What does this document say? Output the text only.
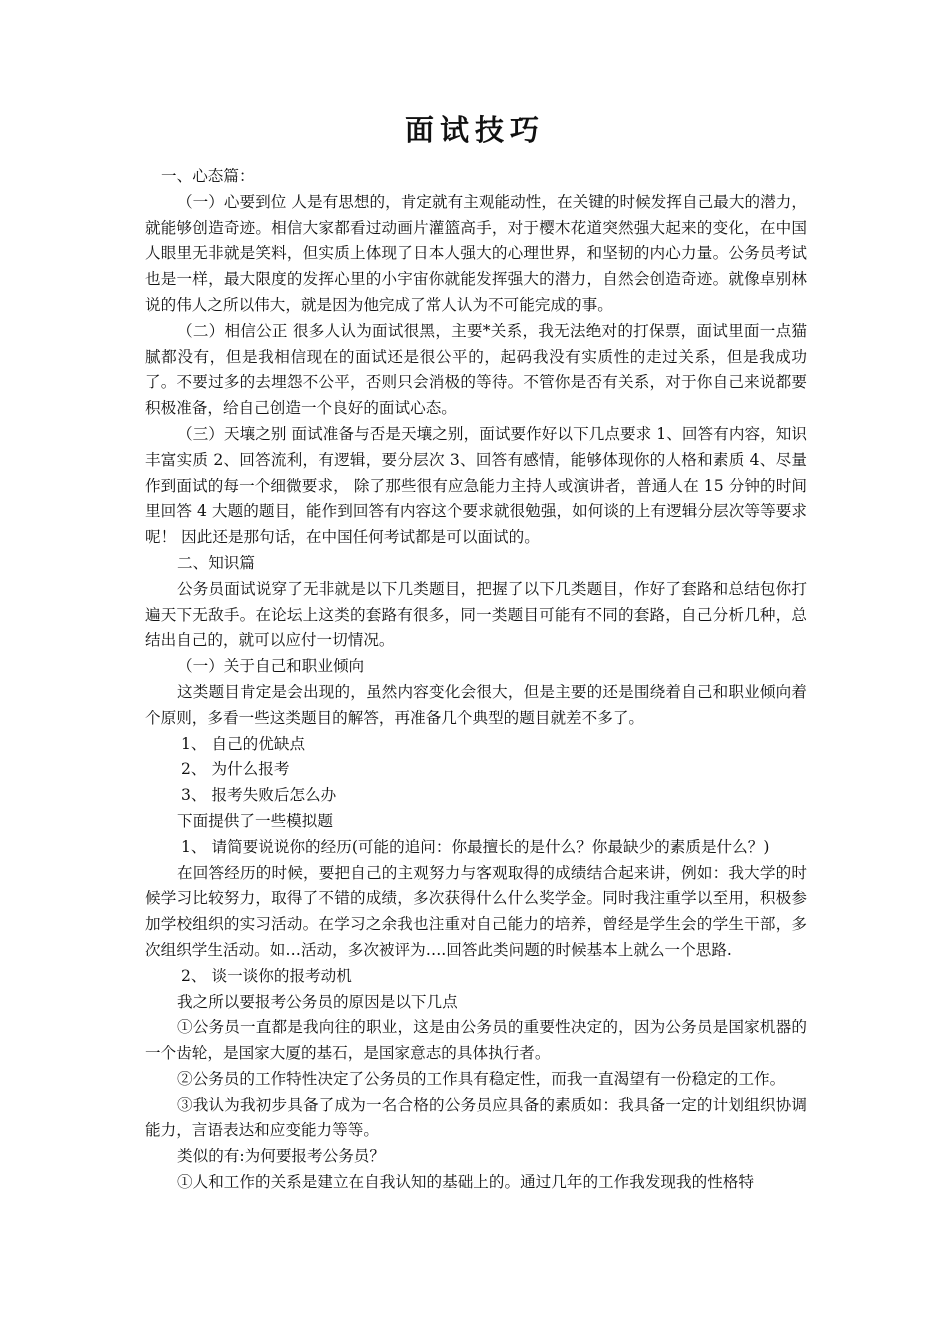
面试技巧

一、心态篇：

（一）心要到位 人是有思想的，肯定就有主观能动性，在关键的时候发挥自己最大的潜力，就能够创造奇迹。相信大家都看过动画片灌篮高手，对于樱木花道突然强大起来的变化，在中国人眼里无非就是笑料，但实质上体现了日本人强大的心理世界，和坚韧的内心力量。公务员考试也是一样，最大限度的发挥心里的小宇宙你就能发挥强大的潜力，自然会创造奇迹。就像卓别林说的伟人之所以伟大，就是因为他完成了常人认为不可能完成的事。

（二）相信公正 很多人认为面试很黑，主要*关系，我无法绝对的打保票，面试里面一点猫腻都没有，但是我相信现在的面试还是很公平的，起码我没有实质性的走过关系，但是我成功了。不要过多的去埋怨不公平，否则只会消极的等待。不管你是否有关系，对于你自己来说都要积极准备，给自己创造一个良好的面试心态。

（三）天壤之别 面试准备与否是天壤之别，面试要作好以下几点要求 1、回答有内容，知识丰富实质 2、回答流利，有逻辑，要分层次 3、回答有感情，能够体现你的人格和素质 4、尽量作到面试的每一个细微要求， 除了那些很有应急能力主持人或演讲者，普通人在 15 分钟的时间里回答 4 大题的题目，能作到回答有内容这个要求就很勉强，如何谈的上有逻辑分层次等等要求呢！ 因此还是那句话，在中国任何考试都是可以面试的。

二、知识篇

公务员面试说穿了无非就是以下几类题目，把握了以下几类题目，作好了套路和总结包你打遍天下无敌手。在论坛上这类的套路有很多，同一类题目可能有不同的套路，自己分析几种，总结出自己的，就可以应付一切情况。

（一）关于自己和职业倾向

这类题目肯定是会出现的，虽然内容变化会很大，但是主要的还是围绕着自己和职业倾向着个原则，多看一些这类题目的解答，再准备几个典型的题目就差不多了。

1、 自己的优缺点

2、 为什么报考

3、 报考失败后怎么办

下面提供了一些模拟题

1、 请简要说说你的经历(可能的追问：你最擅长的是什么？你最缺少的素质是什么？)

在回答经历的时候，要把自己的主观努力与客观取得的成绩结合起来讲，例如：我大学的时候学习比较努力，取得了不错的成绩，多次获得什么什么奖学金。同时我注重学以至用，积极参加学校组织的实习活动。在学习之余我也注重对自己能力的培养，曾经是学生会的学生干部，多次组织学生活动。如…活动，多次被评为….回答此类问题的时候基本上就么一个思路.

2、 谈一谈你的报考动机

我之所以要报考公务员的原因是以下几点

①公务员一直都是我向往的职业，这是由公务员的重要性决定的，因为公务员是国家机器的一个齿轮，是国家大厦的基石，是国家意志的具体执行者。

②公务员的工作特性决定了公务员的工作具有稳定性，而我一直渴望有一份稳定的工作。

③我认为我初步具备了成为一名合格的公务员应具备的素质如：我具备一定的计划组织协调能力，言语表达和应变能力等等。

类似的有:为何要报考公务员？

①人和工作的关系是建立在自我认知的基础上的。通过几年的工作我发现我的性格特
